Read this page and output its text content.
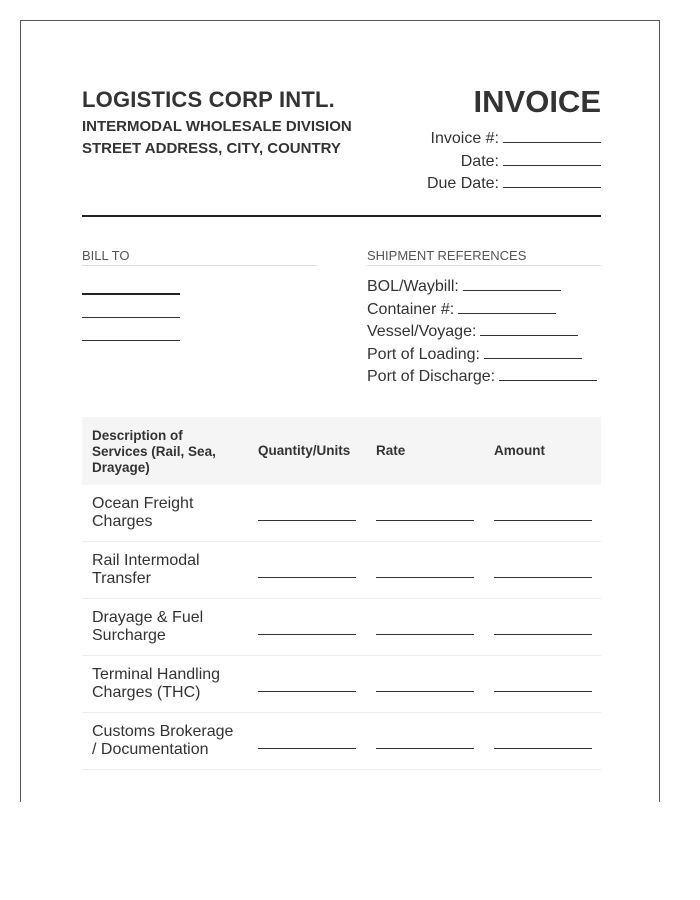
LOGISTICS CORP INTL.
INTERMODAL WHOLESALE DIVISION
STREET ADDRESS, CITY, COUNTRY
INVOICE
Invoice #:
Date:
Due Date:
BILL TO	SHIPMENT REFERENCES
BOL/Waybill:
Container #:
Vessel/Voyage:
Port of Loading:
Port of Discharge:
Description of Services (Rail, Sea, Drayage)
Quantity/Units Rate	Amount
Ocean Freight Charges
Rail Intermodal Transfer
Drayage & Fuel Surcharge
Terminal Handling Charges (THC)
Customs Brokerage / Documentation
